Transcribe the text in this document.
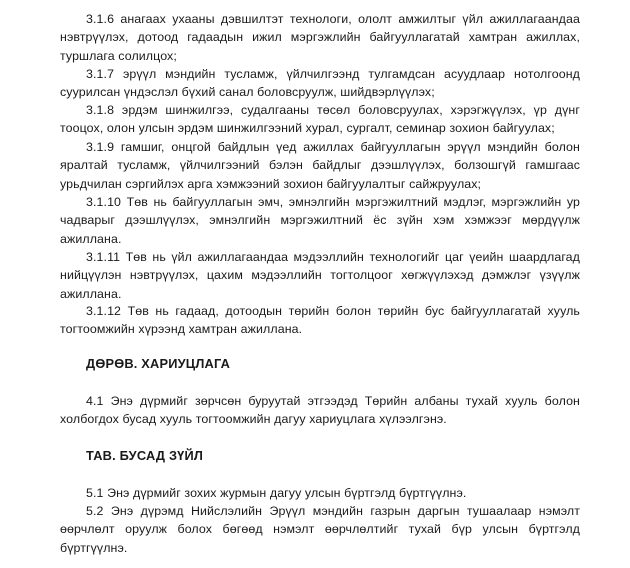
3.1.6 анагаах ухааны дэвшилтэт технологи, ололт амжилтыг үйл ажиллагаандаа нэвтрүүлэх, дотоод гадаадын ижил мэргэжлийн байгууллагатай хамтран ажиллах, туршлага солилцох;

3.1.7 эрүүл мэндийн тусламж, үйлчилгээнд тулгамдсан асуудлаар нотолгоонд суурилсан үндэслэл бүхий санал боловсруулж, шийдвэрлүүлэх;

3.1.8 эрдэм шинжилгээ, судалгааны төсөл боловсруулах, хэрэгжүүлэх, үр дүнг тооцох, олон улсын эрдэм шинжилгээний хурал, сургалт, семинар зохион байгуулах;

3.1.9 гамшиг, онцгой байдлын үед ажиллах байгууллагын эрүүл мэндийн болон яралтай тусламж, үйлчилгээний бэлэн байдлыг дээшлүүлэх, болзошгүй гамшгаас урьдчилан сэргийлэх арга хэмжээний зохион байгуулалтыг сайжруулах;

3.1.10 Төв нь байгууллагын эмч, эмнэлгийн мэргэжилтний мэдлэг, мэргэжлийн ур чадварыг дээшлүүлэх, эмнэлгийн мэргэжилтний ёс зүйн хэм хэмжээг мөрдүүлж ажиллана.

3.1.11 Төв нь үйл ажиллагаандаа мэдээллийн технологийг цаг үеийн шаардлагад нийцүүлэн нэвтрүүлэх, цахим мэдээллийн тогтолцоог хөгжүүлэхэд дэмжлэг үзүүлж ажиллана.

3.1.12 Төв нь гадаад, дотоодын төрийн болон төрийн бус байгууллагатай хууль тогтоомжийн хүрээнд хамтран ажиллана.

ДӨРӨВ. ХАРИУЦЛАГА

4.1 Энэ дүрмийг зөрчсөн буруутай этгээдэд Төрийн албаны тухай хууль болон холбогдох бусад хууль тогтоомжийн дагуу хариуцлага хүлээлгэнэ.

ТАВ. БУСАД ЗҮЙЛ

5.1 Энэ дүрмийг зохих журмын дагуу улсын бүртгэлд бүртгүүлнэ.

5.2 Энэ дүрэмд Нийслэлийн Эрүүл мэндийн газрын даргын тушаалаар нэмэлт өөрчлөлт оруулж болох бөгөөд нэмэлт өөрчлөлтийг тухай бүр улсын бүртгэлд бүртгүүлнэ.
